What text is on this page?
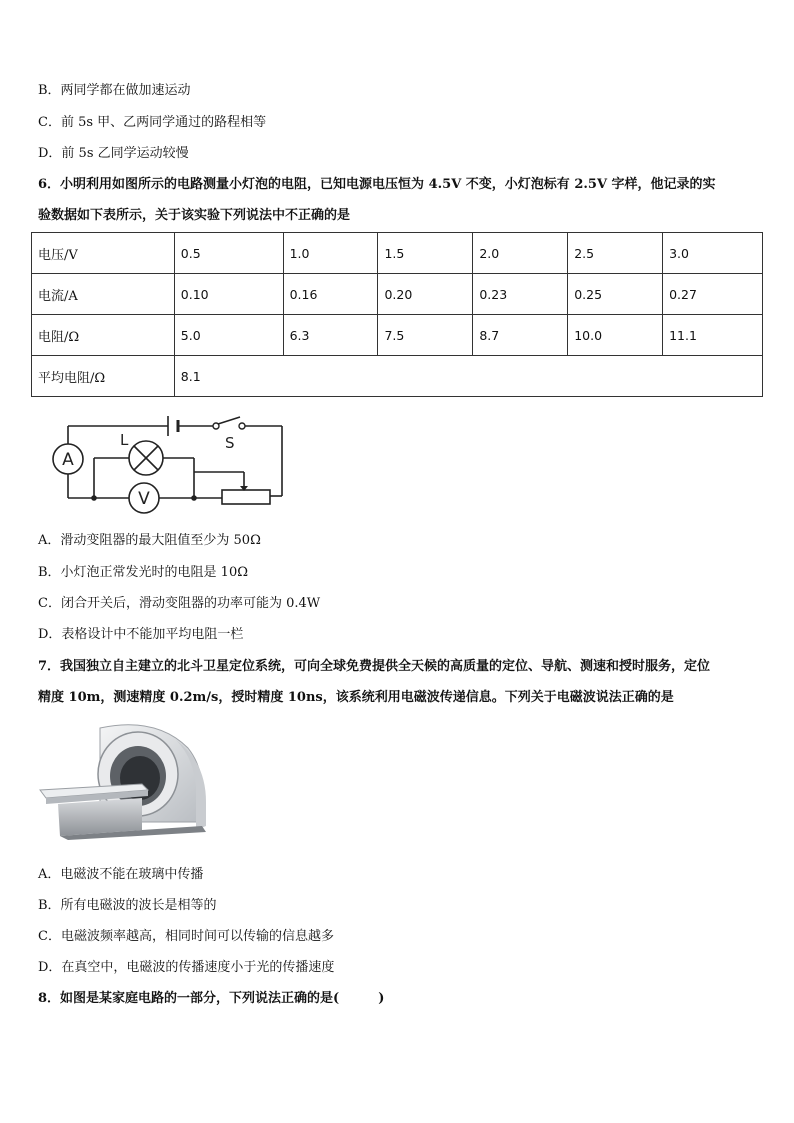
B．两同学都在做加速运动
C．前 5s 甲、乙两同学通过的路程相等
D．前 5s 乙同学运动较慢
6．小明利用如图所示的电路测量小灯泡的电阻，已知电源电压恒为 4.5V 不变，小灯泡标有 2.5V 字样，他记录的实
验数据如下表所示，关于该实验下列说法中不正确的是
电压/V	0.5	1.0	1.5	2.0	2.5	3.0
电流/A	0.10	0.16	0.20	0.23	0.25	0.27
电阻/Ω	5.0	6.3	7.5	8.7	10.0	11.1
平均电阻/Ω	8.1					
A
L
V
S
A．滑动变阻器的最大阻值至少为 50Ω
B．小灯泡正常发光时的电阻是 10Ω
C．闭合开关后，滑动变阻器的功率可能为 0.4W
D．表格设计中不能加平均电阻一栏
7．我国独立自主建立的北斗卫星定位系统，可向全球免费提供全天候的高质量的定位、导航、测速和授时服务，定位
精度 10m，测速精度 0.2m/s，授时精度 10ns，该系统利用电磁波传递信息。下列关于电磁波说法正确的是
A．电磁波不能在玻璃中传播
B．所有电磁波的波长是相等的
C．电磁波频率越高，相同时间可以传输的信息越多
D．在真空中，电磁波的传播速度小于光的传播速度
8．如图是某家庭电路的一部分，下列说法正确的是(　　　)
